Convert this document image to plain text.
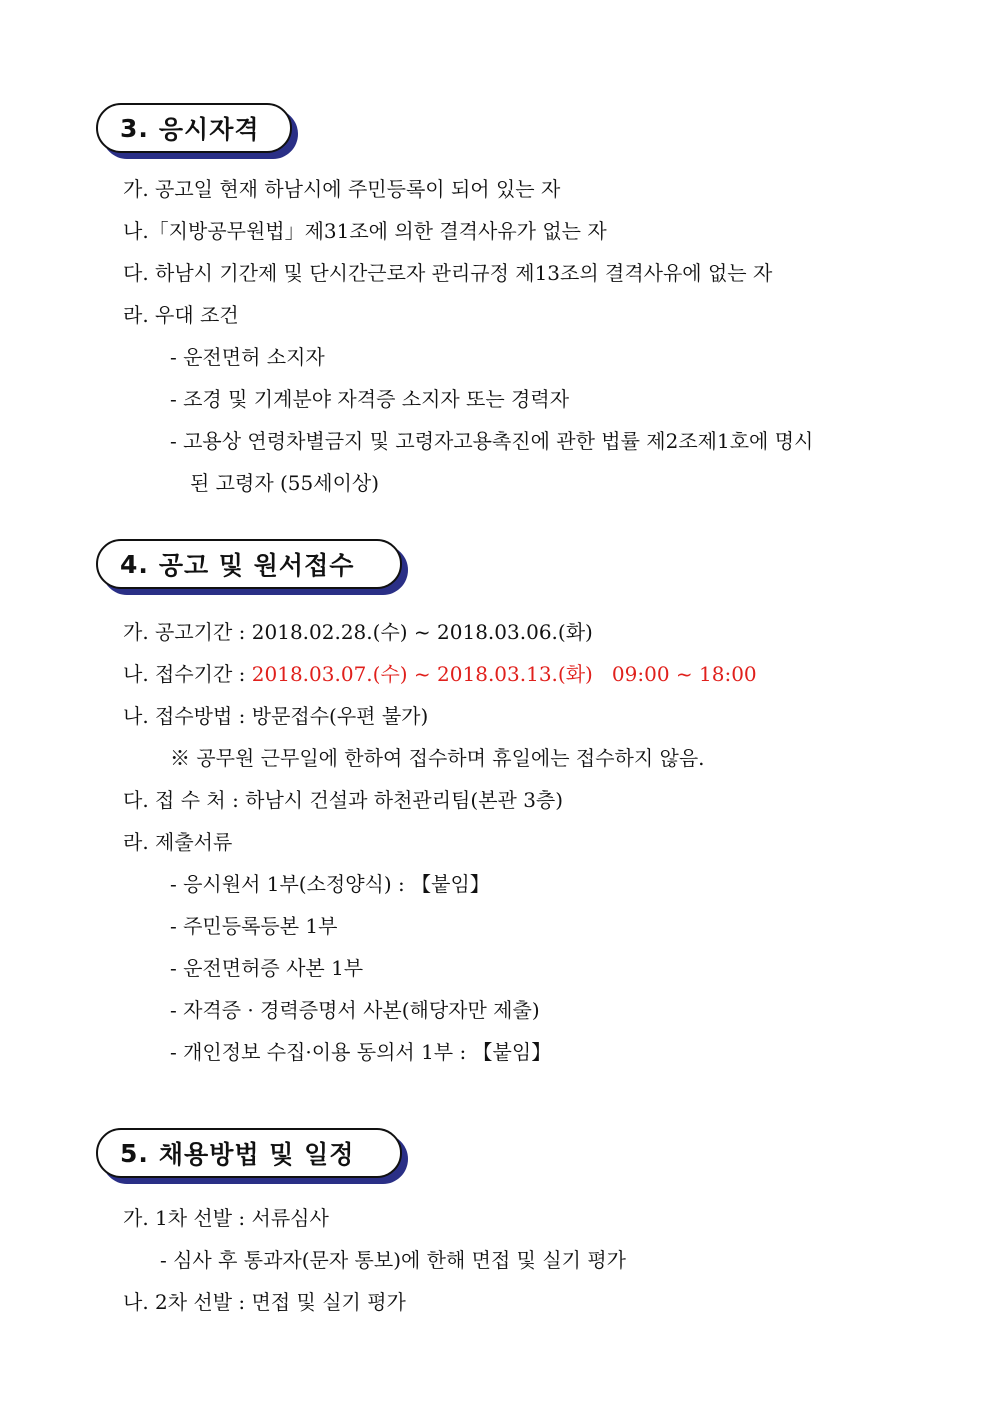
3. 응시자격
가. 공고일 현재 하남시에 주민등록이 되어 있는 자
나.「지방공무원법」제31조에 의한 결격사유가 없는 자
다. 하남시 기간제 및 단시간근로자 관리규정 제13조의 결격사유에 없는 자
라. 우대 조건
- 운전면허 소지자
- 조경 및 기계분야 자격증 소지자 또는 경력자
- 고용상 연령차별금지 및 고령자고용촉진에 관한 법률 제2조제1호에 명시
된 고령자 (55세이상)
4. 공고 및 원서접수
가. 공고기간 : 2018.02.28.(수) ~ 2018.03.06.(화)
나. 접수기간 : 2018.03.07.(수) ~ 2018.03.13.(화)   09:00 ~ 18:00
나. 접수방법 : 방문접수(우편 불가)
※ 공무원 근무일에 한하여 접수하며 휴일에는 접수하지 않음.
다. 접 수 처 : 하남시 건설과 하천관리팀(본관 3층)
라. 제출서류
- 응시원서 1부(소정양식) : 【붙임】
- 주민등록등본 1부
- 운전면허증 사본 1부
- 자격증 · 경력증명서 사본(해당자만 제출)
- 개인정보 수집·이용 동의서 1부 : 【붙임】
5. 채용방법 및 일정
가. 1차 선발 : 서류심사
- 심사 후 통과자(문자 통보)에 한해 면접 및 실기 평가
나. 2차 선발 : 면접 및 실기 평가
